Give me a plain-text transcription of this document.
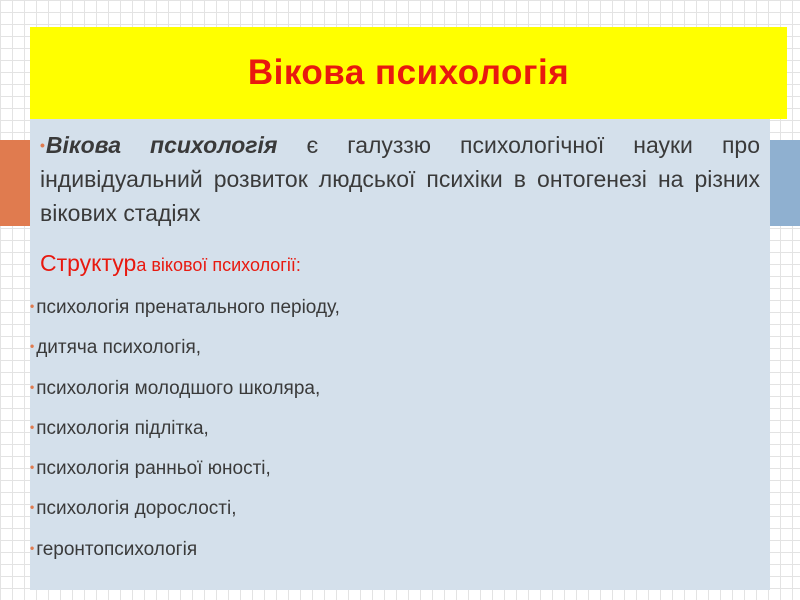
Вікова психологія

•Вікова психологія є галуззю психологічної науки про індивідуальний розвиток людської психіки в онтогенезі на різних вікових стадіях

Структура вікової психології:

• психологія пренатального періоду,
• дитяча психологія,
• психологія молодшого школяра,
• психологія підлітка,
• психологія ранньої юності,
• психологія дорослості,
• геронтопсихологія
